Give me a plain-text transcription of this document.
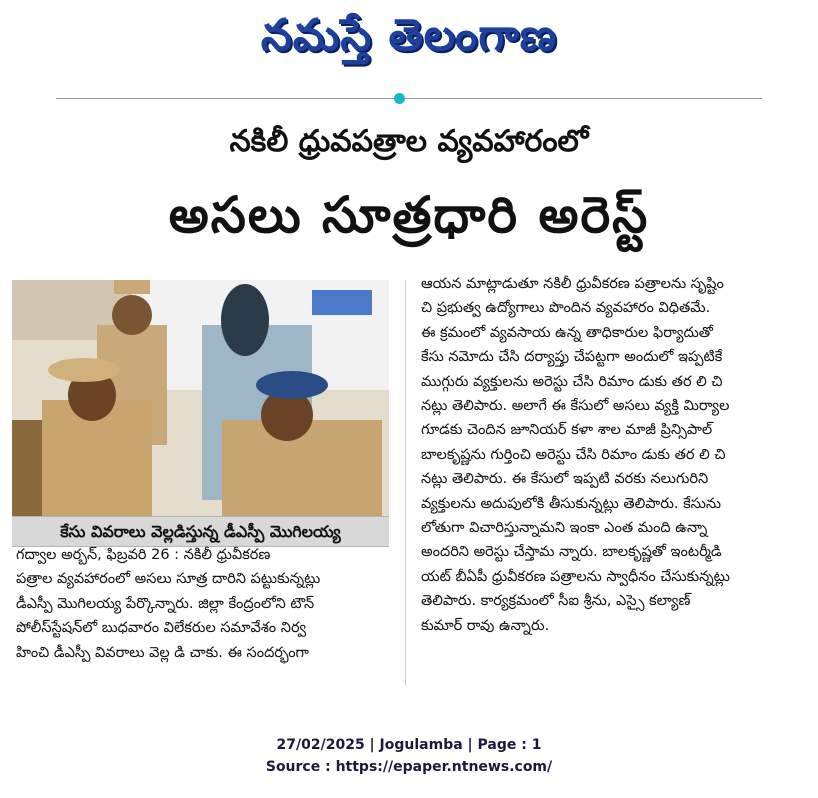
నమస్తే తెలంగాణ
నకిలీ ధ్రువపత్రాల వ్యవహారంలో
అసలు సూత్రధారి అరెస్ట్
కేసు వివరాలు వెల్లడిస్తున్న డీఎస్పీ మొగిలయ్య
గద్వాల అర్బన్, ఫిబ్రవరి 26 : నకిలీ ధ్రువీకరణ
పత్రాల వ్యవహారంలో అసలు సూత్ర దారిని పట్టుకున్నట్లు
డీఎస్పీ మొగిలయ్య పేర్కొన్నారు. జిల్లా కేంద్రంలోని టౌన్
పోలీస్‌స్టేషన్‌లో బుధవారం విలేకరుల సమావేశం నిర్వ
హించి డీఎస్పీ వివరాలు వెల్ల డి చాకు. ఈ సందర్భంగా
ఆయన మాట్లాడుతూ నకిలీ ధ్రువీకరణ పత్రాలను సృష్టిం
చి ప్రభుత్వ ఉద్యోగాలు పొందిన వ్యవహారం విధితమే.
ఈ క్రమంలో వ్యవసాయ ఉన్న తాధికారుల ఫిర్యాదుతో
కేసు నమోదు చేసి దర్యాప్తు చేపట్టగా అందులో ఇప్పటికే
ముగ్గురు వ్యక్తులను అరెస్టు చేసి రిమాం డుకు తర లి చి
నట్లు తెలిపారు. అలాగే ఈ కేసులో అసలు వ్యక్తి మిర్యాల
గూడకు చెందిన జూనియర్ కళా శాల మాజీ ప్రిన్సిపాల్
బాలకృష్ణను గుర్తించి అరెస్టు చేసి రిమాం డుకు తర లి చి
నట్లు తెలిపారు. ఈ కేసులో ఇప్పటి వరకు నలుగురిని
వ్యక్తులను అదుపులోకి తీసుకున్నట్లు తెలిపారు. కేసును
లోతుగా విచారిస్తున్నామని ఇంకా ఎంత మంది ఉన్నా
అందరిని అరెస్టు చేస్తామ న్నారు. బాలకృష్ణతో ఇంటర్మీడి
యట్ బీఏపీ ధ్రువీకరణ పత్రాలను స్వాధీనం చేసుకున్నట్లు
తెలిపారు. కార్యక్రమంలో సీఐ శ్రీను, ఎస్సై కల్యాణ్
కుమార్ రావు ఉన్నారు.
27/02/2025 | Jogulamba | Page : 1
Source : https://epaper.ntnews.com/
